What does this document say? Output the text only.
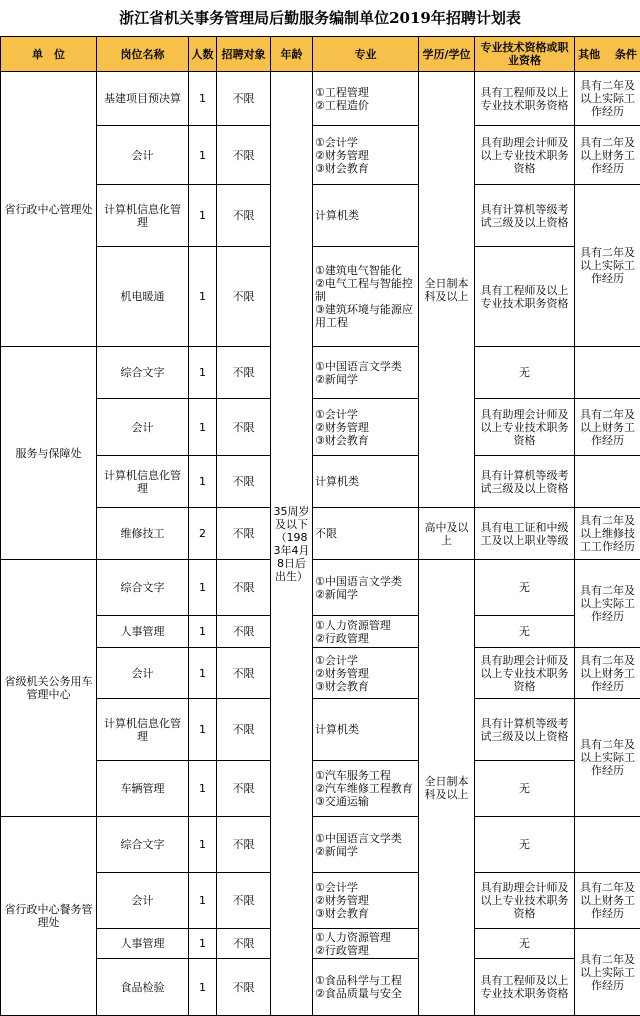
浙江省机关事务管理局后勤服务编制单位2019年招聘计划表
单　位	岗位名称	人数	招聘对象	年龄	专业	学历/学位	专业技术资格或职业资格	其他　 条件
省行政中心管理处	基建项目预决算	1	不限	35周岁及以下（1983年4月8日后出生）	①工程管理
②工程造价	全日制本科及以上	具有工程师及以上专业技术职务资格	具有二年及以上实际工作经历
	会计	1	不限		①会计学
②财务管理
③财会教育		具有助理会计师及以上专业技术职务资格	具有二年及以上财务工作经历
	计算机信息化管理	1	不限		计算机类		具有计算机等级考试三级及以上资格	具有二年及以上实际工作经历
	机电暖通	1	不限		①建筑电气智能化
②电气工程与智能控制
③建筑环境与能源应用工程		具有工程师及以上专业技术职务资格	
服务与保障处	综合文字	1	不限		①中国语言文学类
②新闻学		无	
	会计	1	不限		①会计学
②财务管理
③财会教育		具有助理会计师及以上专业技术职务资格	具有二年及以上财务工作经历
	计算机信息化管理	1	不限		计算机类		具有计算机等级考试三级及以上资格	
	维修技工	2	不限		不限	高中及以上	具有电工证和中级工及以上职业等级	具有二年及以上维修技工工作经历
省级机关公务用车管理中心	综合文字	1	不限		①中国语言文学类
②新闻学	全日制本科及以上	无	具有二年及以上实际工作经历
	人事管理	1	不限		①人力资源管理
②行政管理		无	
	会计	1	不限		①会计学
②财务管理
③财会教育		具有助理会计师及以上专业技术职务资格	具有二年及以上财务工作经历
	计算机信息化管理	1	不限		计算机类		具有计算机等级考试三级及以上资格	具有二年及以上实际工作经历
	车辆管理	1	不限		①汽车服务工程
②汽车维修工程教育
③交通运输		无	
省行政中心餐务管理处	综合文字	1	不限		①中国语言文学类
②新闻学		无	
	会计	1	不限		①会计学
②财务管理
③财会教育		具有助理会计师及以上专业技术职务资格	具有二年及以上财务工作经历
	人事管理	1	不限		①人力资源管理
②行政管理		无	具有二年及以上实际工作经历
	食品检验	1	不限		①食品科学与工程
②食品质量与安全		具有工程师及以上专业技术职务资格	
